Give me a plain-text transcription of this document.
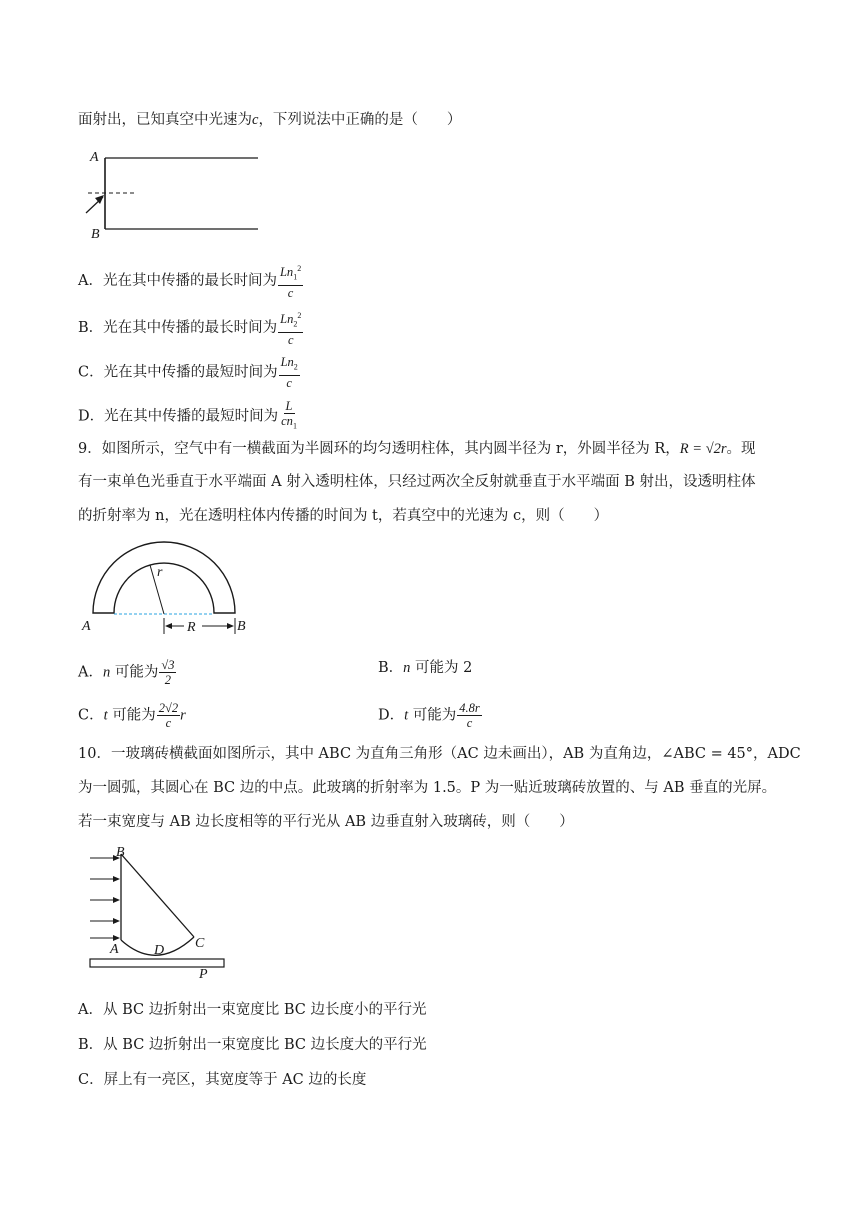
面射出，已知真空中光速为c，下列说法中正确的是（　　）
A
B
A．光在其中传播的最长时间为 $\frac{Ln_1^2}{c}$
B．光在其中传播的最长时间为 $\frac{Ln_2^2}{c}$
C．光在其中传播的最短时间为 $\frac{Ln_2}{c}$
D．光在其中传播的最短时间为 $\frac{L}{cn_1}$
9．如图所示，空气中有一横截面为半圆环的均匀透明柱体，其内圆半径为 r，外圆半径为 R，R = √2r。现
有一束单色光垂直于水平端面 A 射入透明柱体，只经过两次全反射就垂直于水平端面 B 射出，设透明柱体
的折射率为 n，光在透明柱体内传播的时间为 t，若真空中的光速为 c，则（　　）
r
R
A	B
A．n 可能为 $\frac{√3}{2}$	B．n 可能为 2
C．t 可能为 $\frac{2√2}{c}$ r	D．t 可能为 $\frac{4.8r}{c}$
10．一玻璃砖横截面如图所示，其中 ABC 为直角三角形（AC 边未画出），AB 为直角边，∠ABC = 45°，ADC
为一圆弧，其圆心在 BC 边的中点。此玻璃的折射率为 1.5。P 为一贴近玻璃砖放置的、与 AB 垂直的光屏。
若一束宽度与 AB 边长度相等的平行光从 AB 边垂直射入玻璃砖，则（　　）
B
A	D C
P
A．从 BC 边折射出一束宽度比 BC 边长度小的平行光
B．从 BC 边折射出一束宽度比 BC 边长度大的平行光
C．屏上有一亮区，其宽度等于 AC 边的长度
